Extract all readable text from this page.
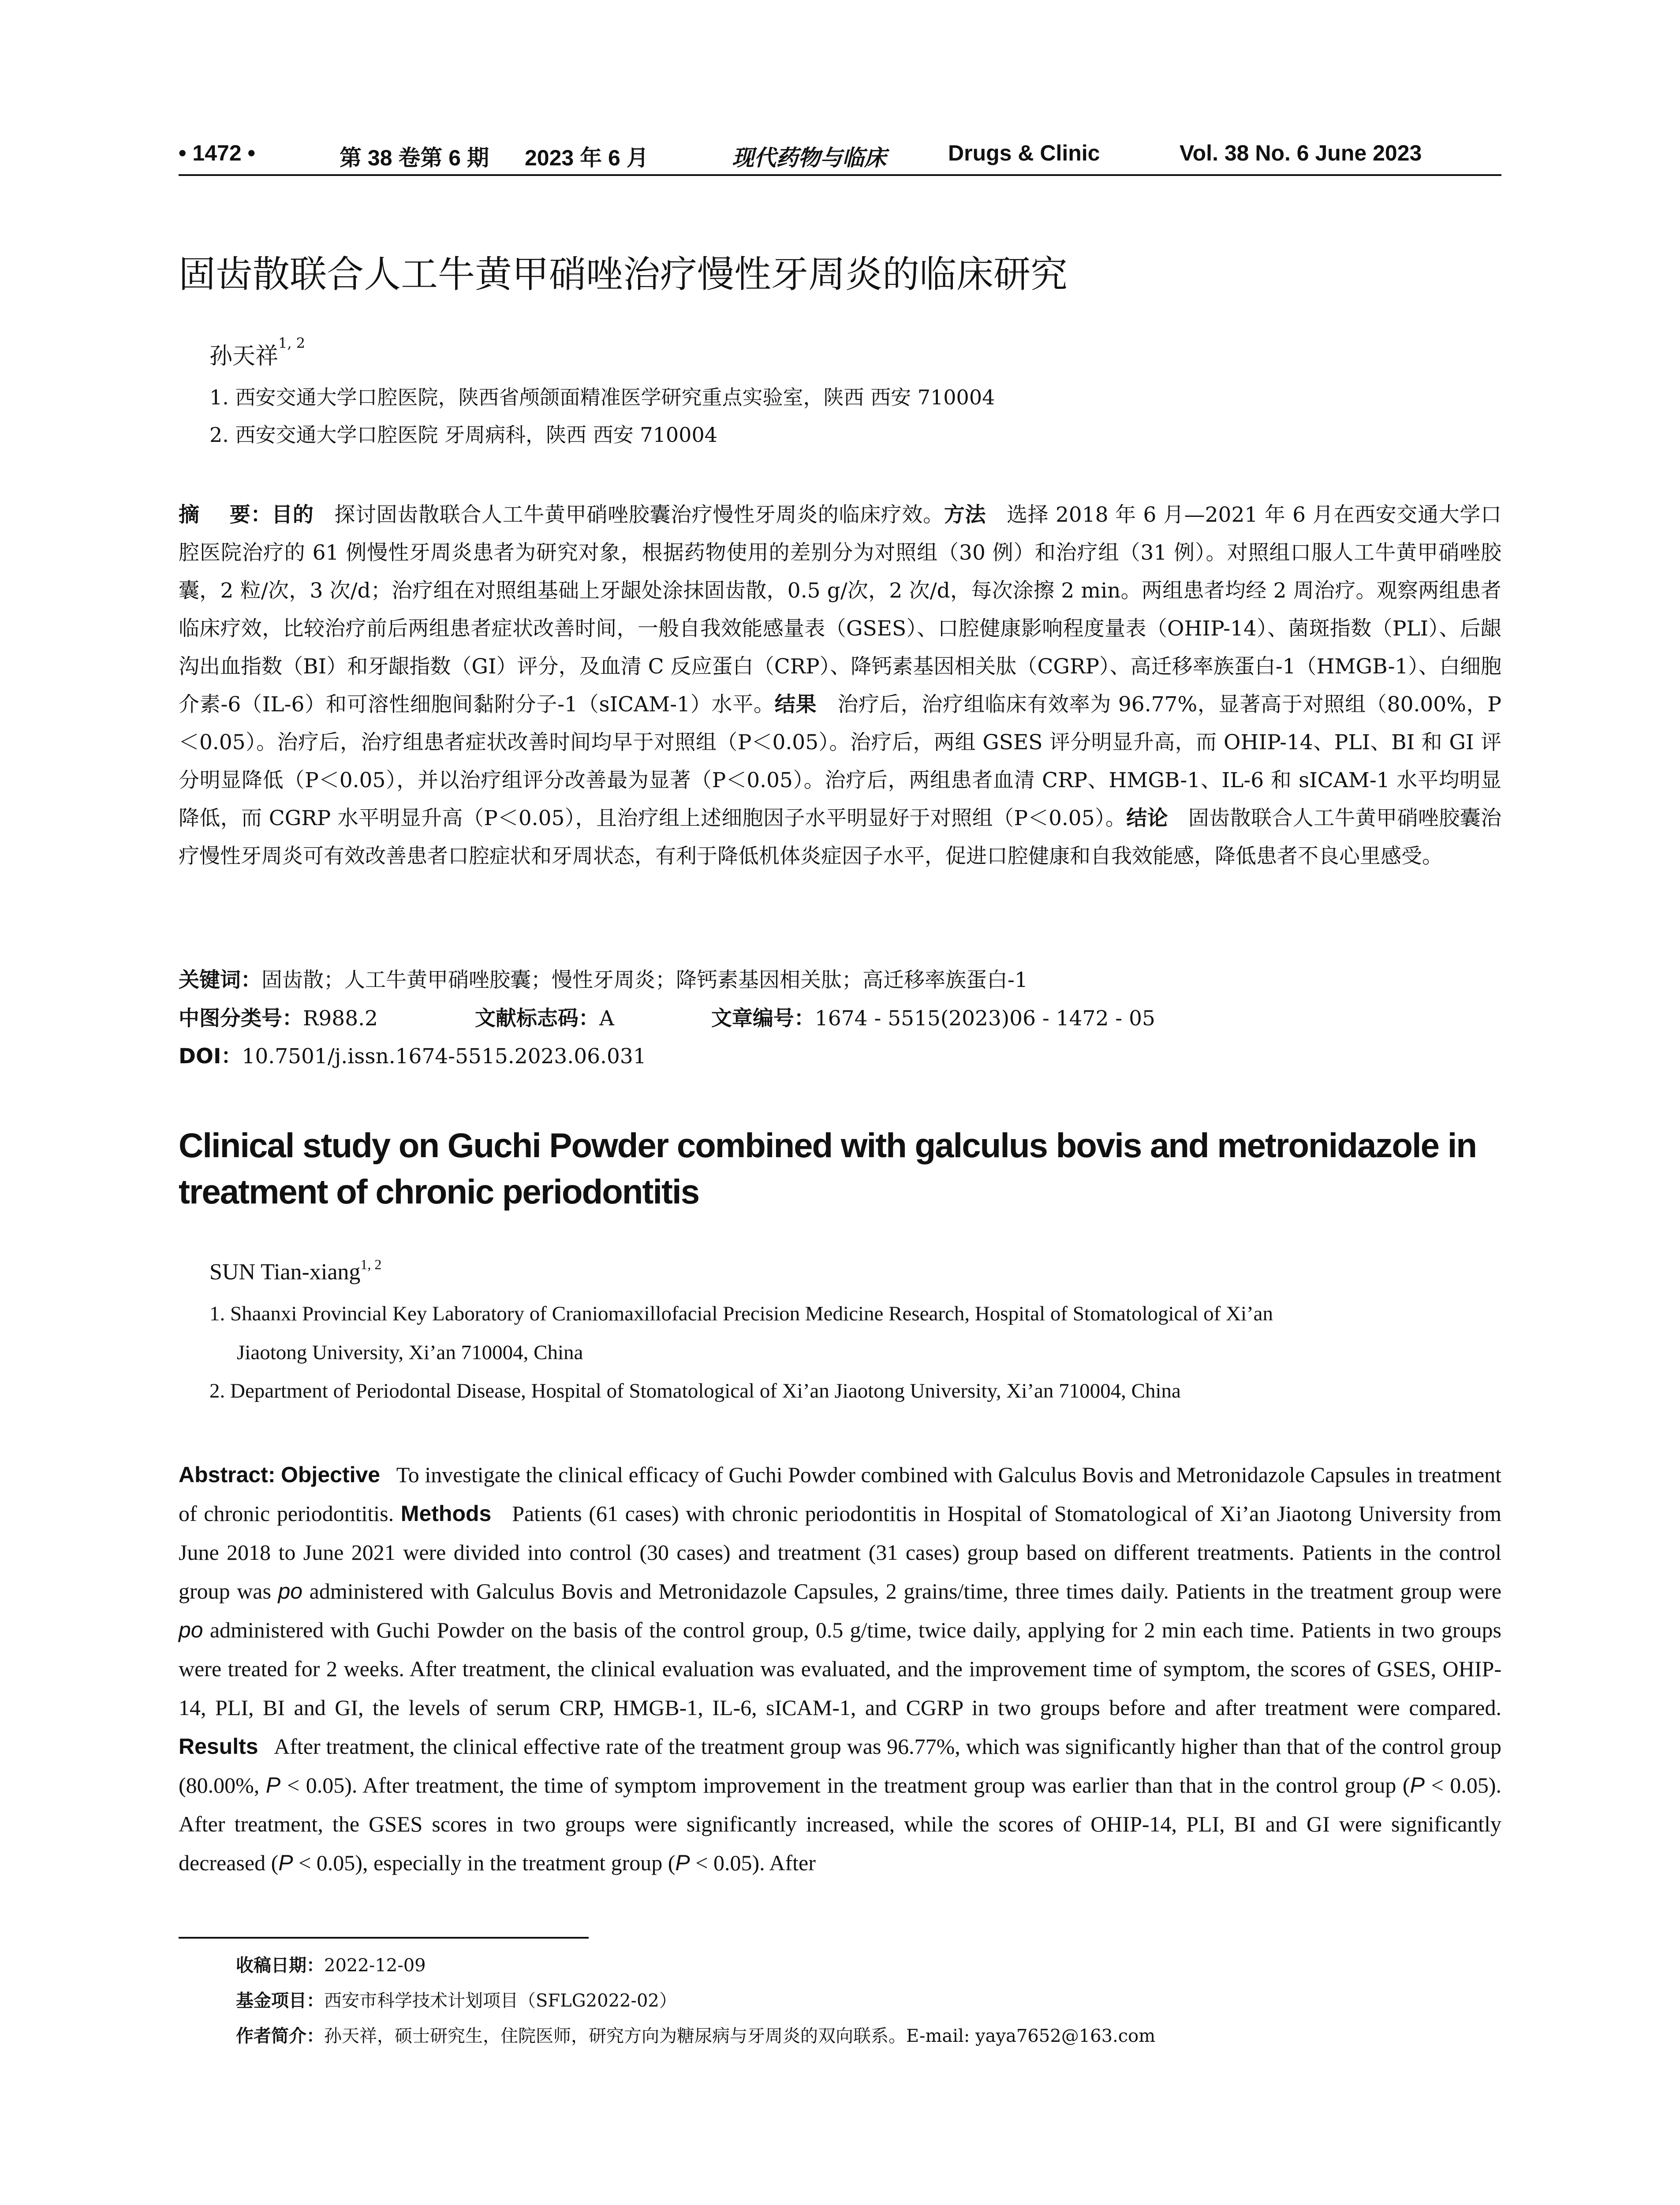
• 1472 •	第 38 卷第 6 期 2023 年 6 月	现代药物与临床	Drugs & Clinic	Vol. 38 No. 6 June 2023
固齿散联合人工牛黄甲硝唑治疗慢性牙周炎的临床研究
孙天祥$^{1, 2}$
1. 西安交通大学口腔医院，陕西省颅颌面精准医学研究重点实验室，陕西 西安 710004
2. 西安交通大学口腔医院 牙周病科，陕西 西安 710004
摘    要：目的 探讨固齿散联合人工牛黄甲硝唑胶囊治疗慢性牙周炎的临床疗效。方法 选择 2018 年 6 月—2021 年 6 月在西安交通大学口腔医院治疗的 61 例慢性牙周炎患者为研究对象，根据药物使用的差别分为对照组（30 例）和治疗组（31 例）。对照组口服人工牛黄甲硝唑胶囊，2 粒/次，3 次/d；治疗组在对照组基础上牙龈处涂抹固齿散，0.5 g/次，2 次/d，每次涂擦 2 min。两组患者均经 2 周治疗。观察两组患者临床疗效，比较治疗前后两组患者症状改善时间，一般自我效能感量表（GSES）、口腔健康影响程度量表（OHIP-14）、菌斑指数（PLI）、后龈沟出血指数（BI）和牙龈指数（GI）评分，及血清 C 反应蛋白（CRP）、降钙素基因相关肽（CGRP）、高迁移率族蛋白-1（HMGB-1）、白细胞介素-6（IL-6）和可溶性细胞间黏附分子-1（sICAM-1）水平。结果 治疗后，治疗组临床有效率为 96.77%，显著高于对照组（80.00%，P＜0.05）。治疗后，治疗组患者症状改善时间均早于对照组（P＜0.05）。治疗后，两组 GSES 评分明显升高，而 OHIP-14、PLI、BI 和 GI 评分明显降低（P＜0.05），并以治疗组评分改善最为显著（P＜0.05）。治疗后，两组患者血清 CRP、HMGB-1、IL-6 和 sICAM-1 水平均明显降低，而 CGRP 水平明显升高（P＜0.05），且治疗组上述细胞因子水平明显好于对照组（P＜0.05）。结论 固齿散联合人工牛黄甲硝唑胶囊治疗慢性牙周炎可有效改善患者口腔症状和牙周状态，有利于降低机体炎症因子水平，促进口腔健康和自我效能感，降低患者不良心里感受。
关键词：固齿散；人工牛黄甲硝唑胶囊；慢性牙周炎；降钙素基因相关肽；高迁移率族蛋白-1
中图分类号：R988.2	文献标志码：A	文章编号：1674 - 5515(2023)06 - 1472 - 05
DOI：10.7501/j.issn.1674-5515.2023.06.031
Clinical study on Guchi Powder combined with galculus bovis and metronidazole in treatment of chronic periodontitis
SUN Tian-xiang$^{1, 2}$
1. Shaanxi Provincial Key Laboratory of Craniomaxillofacial Precision Medicine Research, Hospital of Stomatological of Xi’an
Jiaotong University, Xi’an 710004, China
2. Department of Periodontal Disease, Hospital of Stomatological of Xi’an Jiaotong University, Xi’an 710004, China
Abstract: Objective To investigate the clinical efficacy of Guchi Powder combined with Galculus Bovis and Metronidazole Capsules in treatment of chronic periodontitis. Methods Patients (61 cases) with chronic periodontitis in Hospital of Stomatological of Xi’an Jiaotong University from June 2018 to June 2021 were divided into control (30 cases) and treatment (31 cases) group based on different treatments. Patients in the control group was po administered with Galculus Bovis and Metronidazole Capsules, 2 grains/time, three times daily. Patients in the treatment group were po administered with Guchi Powder on the basis of the control group, 0.5 g/time, twice daily, applying for 2 min each time. Patients in two groups were treated for 2 weeks. After treatment, the clinical evaluation was evaluated, and the improvement time of symptom, the scores of GSES, OHIP-14, PLI, BI and GI, the levels of serum CRP, HMGB-1, IL-6, sICAM-1, and CGRP in two groups before and after treatment were compared. Results After treatment, the clinical effective rate of the treatment group was 96.77%, which was significantly higher than that of the control group (80.00%, P < 0.05). After treatment, the time of symptom improvement in the treatment group was earlier than that in the control group (P < 0.05). After treatment, the GSES scores in two groups were significantly increased, while the scores of OHIP-14, PLI, BI and GI were significantly decreased (P < 0.05), especially in the treatment group (P < 0.05). After
收稿日期：2022-12-09
基金项目：西安市科学技术计划项目（SFLG2022-02）
作者简介：孙天祥，硕士研究生，住院医师，研究方向为糖尿病与牙周炎的双向联系。E-mail: yaya7652@163.com
